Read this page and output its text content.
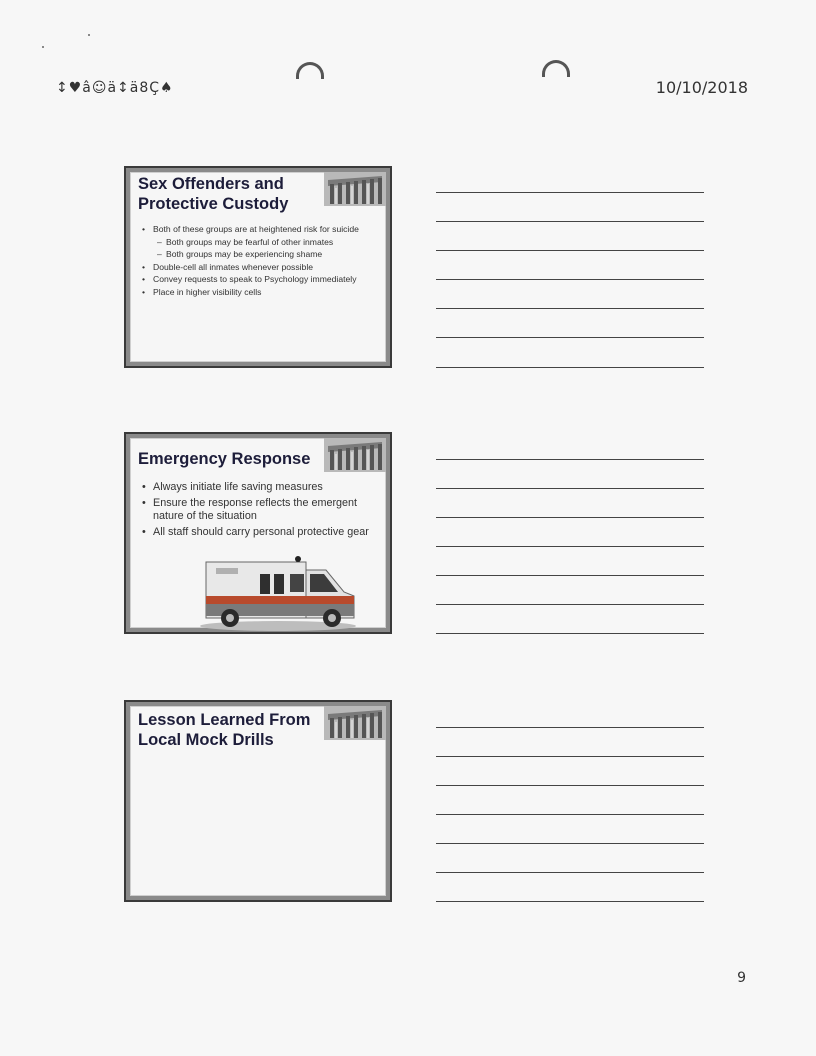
↕♥â☺ä↕ä8Ç♠	10/10/2018
Sex Offenders and Protective Custody
• Both of these groups are at heightened risk for suicide
– Both groups may be fearful of other inmates
– Both groups may be experiencing shame
• Double-cell all inmates whenever possible
• Convey requests to speak to Psychology immediately
• Place in higher visibility cells
Emergency Response
• Always initiate life saving measures
• Ensure the response reflects the emergent nature of the situation
• All staff should carry personal protective gear
Lesson Learned From Local Mock Drills
9
